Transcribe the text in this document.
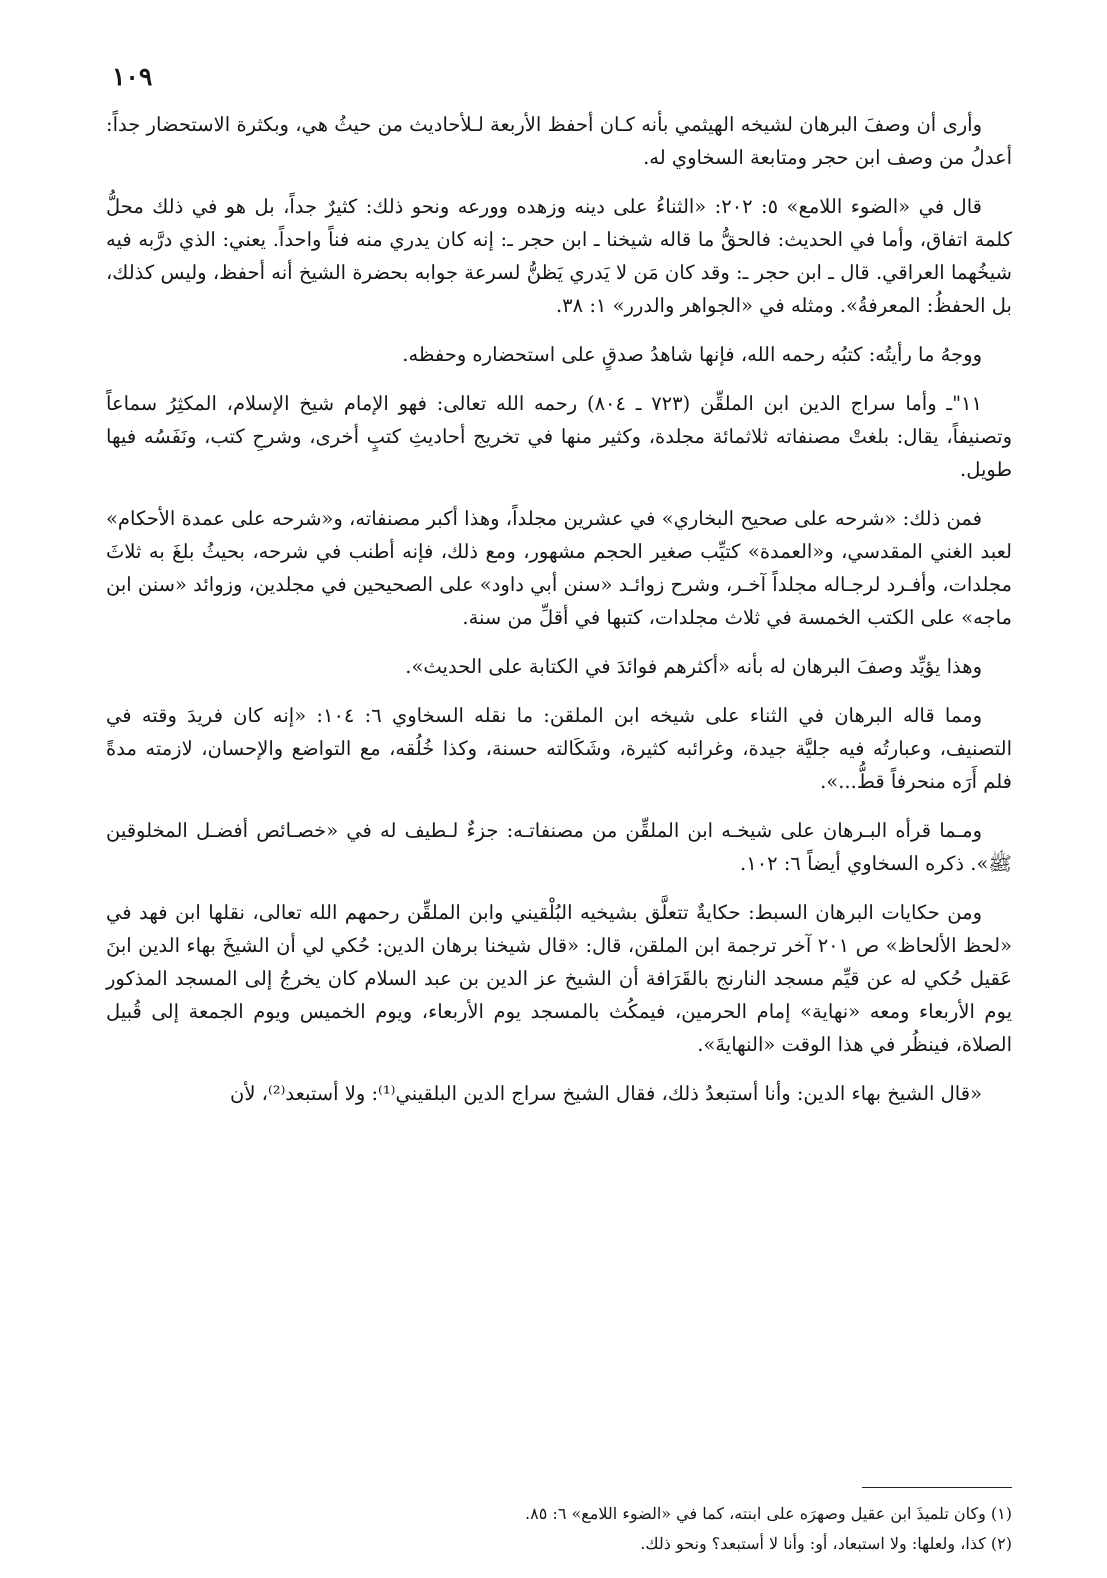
١٠٩

وأرى أن وصفَ البرهان لشيخه الهيثمي بأنه كـان أحفظ الأربعة لـلأحاديث من حيثُ هي، وبكثرة الاستحضار جداً: أعدلُ من وصف ابن حجر ومتابعة السخاوي له.

قال في «الضوء اللامع» ٥: ٢٠٢: «الثناءُ على دينه وزهده وورعه ونحو ذلك: كثيرٌ جداً، بل هو في ذلك محلُّ كلمة اتفاق، وأما في الحديث: فالحقُّ ما قاله شيخنا ـ ابن حجر ـ: إنه كان يدري منه فناً واحداً. يعني: الذي درَّبه فيه شيخُهما العراقي. قال ـ ابن حجر ـ: وقد كان مَن لا يَدري يَظنُّ لسرعة جوابه بحضرة الشيخ أنه أحفظ، وليس كذلك، بل الحفظُ: المعرفةُ». ومثله في «الجواهر والدرر» ١: ٣٨.

ووجهُ ما رأيتُه: كتبُه رحمه الله، فإنها شاهدُ صدقٍ على استحضاره وحفظه.

١١"ـ وأما سراج الدين ابن الملقِّن (٧٢٣ ـ ٨٠٤) رحمه الله تعالى: فهو الإمام شيخ الإسلام، المكثِرُ سماعاً وتصنيفاً، يقال: بلغتْ مصنفاته ثلاثمائة مجلدة، وكثير منها في تخريج أحاديثِ كتبٍ أخرى، وشرحِ كتب، ونَفَسُه فيها طويل.

فمن ذلك: «شرحه على صحيح البخاري» في عشرين مجلداً، وهذا أكبر مصنفاته، و«شرحه على عمدة الأحكام» لعبد الغني المقدسي، و«العمدة» كتيِّب صغير الحجم مشهور، ومع ذلك، فإنه أطنب في شرحه، بحيثُ بلغَ به ثلاثَ مجلدات، وأفـرد لرجـاله مجلداً آخـر، وشرح زوائـد «سنن أبي داود» على الصحيحين في مجلدين، وزوائد «سنن ابن ماجه» على الكتب الخمسة في ثلاث مجلدات، كتبها في أقلِّ من سنة.

وهذا يؤيِّد وصفَ البرهان له بأنه «أكثرهم فوائدَ في الكتابة على الحديث».

ومما قاله البرهان في الثناء على شيخه ابن الملقن: ما نقله السخاوي ٦: ١٠٤: «إنه كان فريدَ وقته في التصنيف، وعبارتُه فيه جليَّة جيدة، وغرائبه كثيرة، وشَكَالته حسنة، وكذا خُلُقه، مع التواضع والإحسان، لازمته مدةً فلم أَرَه منحرفاً قطُّ...».

ومـما قرأه البـرهان على شيخـه ابن الملقِّن من مصنفاتـه: جزءٌ لـطيف له في «خصـائص أفضـل المخلوقين ﷺ». ذكره السخاوي أيضاً ٦: ١٠٢.

ومن حكايات البرهان السبط: حكايةٌ تتعلَّق بشيخيه البُلْقيني وابن الملقِّن رحمهم الله تعالى، نقلها ابن فهد في «لحظ الألحاظ» ص ٢٠١ آخر ترجمة ابن الملقن، قال: «قال شيخنا برهان الدين: حُكي لي أن الشيخَ بهاء الدين ابنَ عَقيل حُكي له عن قيِّم مسجد النارنج بالقَرَافة أن الشيخ عز الدين بن عبد السلام كان يخرجُ إلى المسجد المذكور يوم الأربعاء ومعه «نهاية» إمام الحرمين، فيمكُث بالمسجد يوم الأربعاء، ويوم الخميس ويوم الجمعة إلى قُبيل الصلاة، فينظُر في هذا الوقت «النهايةَ».

«قال الشيخ بهاء الدين: وأنا أستبعدُ ذلك، فقال الشيخ سراج الدين البلقيني⁽¹⁾: ولا أستبعد⁽²⁾، لأن

(١) وكان تلميذَ ابن عقيل وصهرَه على ابنته، كما في «الضوء اللامع» ٦: ٨٥.
(٢) كذا، ولعلها: ولا استبعاد، أو: وأنا لا أستبعد؟ ونحو ذلك.
